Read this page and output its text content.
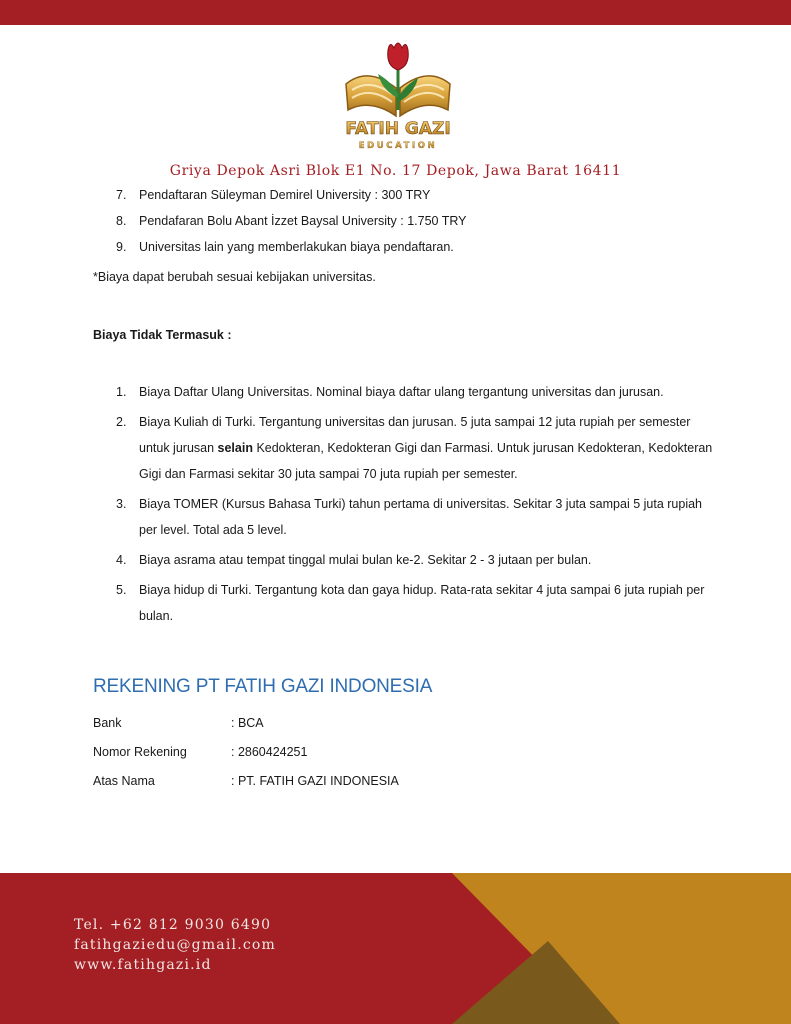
FATIH GAZI
EDUCATION
Griya Depok Asri Blok E1 No. 17 Depok, Jawa Barat 16411
7. Pendaftaran Süleyman Demirel University : 300 TRY
8. Pendafaran Bolu Abant İzzet Baysal University : 1.750 TRY
9. Universitas lain yang memberlakukan biaya pendaftaran.
*Biaya dapat berubah sesuai kebijakan universitas.
Biaya Tidak Termasuk :
1. Biaya Daftar Ulang Universitas. Nominal biaya daftar ulang tergantung universitas dan jurusan.
2. Biaya Kuliah di Turki. Tergantung universitas dan jurusan. 5 juta sampai 12 juta rupiah per semester untuk jurusan selain Kedokteran, Kedokteran Gigi dan Farmasi. Untuk jurusan Kedokteran, Kedokteran Gigi dan Farmasi sekitar 30 juta sampai 70 juta rupiah per semester.
3. Biaya TOMER (Kursus Bahasa Turki) tahun pertama di universitas. Sekitar 3 juta sampai 5 juta rupiah per level. Total ada 5 level.
4. Biaya asrama atau tempat tinggal mulai bulan ke-2. Sekitar 2 - 3 jutaan per bulan.
5. Biaya hidup di Turki. Tergantung kota dan gaya hidup. Rata-rata sekitar 4 juta sampai 6 juta rupiah per bulan.
REKENING PT FATIH GAZI INDONESIA
Bank	: BCA
Nomor Rekening	: 2860424251
Atas Nama	: PT. FATIH GAZI INDONESIA
Tel. +62 812 9030 6490
fatihgaziedu@gmail.com
www.fatihgazi.id
